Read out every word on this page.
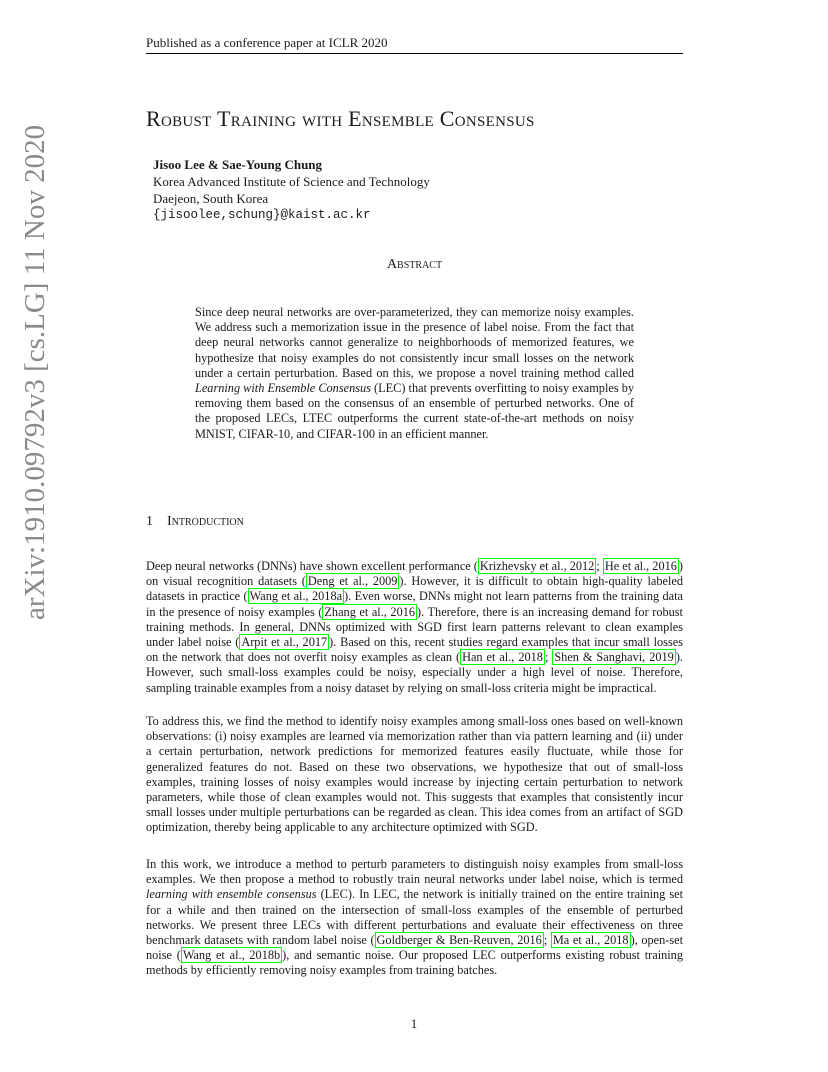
Published as a conference paper at ICLR 2020
Robust Training with Ensemble Consensus
Jisoo Lee & Sae-Young Chung
Korea Advanced Institute of Science and Technology
Daejeon, South Korea
{jisoolee,schung}@kaist.ac.kr
Abstract

Since deep neural networks are over-parameterized, they can memorize noisy examples. We address such a memorization issue in the presence of label noise. From the fact that deep neural networks cannot generalize to neighborhoods of memorized features, we hypothesize that noisy examples do not consistently incur small losses on the network under a certain perturbation. Based on this, we propose a novel training method called Learning with Ensemble Consensus (LEC) that prevents overfitting to noisy examples by removing them based on the consensus of an ensemble of perturbed networks. One of the proposed LECs, LTEC outperforms the current state-of-the-art methods on noisy MNIST, CIFAR-10, and CIFAR-100 in an efficient manner.

arXiv:1910.09792v3 [cs.LG] 11 Nov 2020	1 Introduction

Deep neural networks (DNNs) have shown excellent performance ( Krizhevsky et al., 2012 ; He et al., 2016 ) on visual recognition datasets ( Deng et al., 2009 ). However, it is difficult to obtain high-quality labeled datasets in practice ( Wang et al., 2018a ). Even worse, DNNs might not learn patterns from the training data in the presence of noisy examples ( Zhang et al., 2016 ). Therefore, there is an increasing demand for robust training methods. In general, DNNs optimized with SGD first learn patterns relevant to clean examples under label noise ( Arpit et al., 2017 ). Based on this, recent studies regard examples that incur small losses on the network that does not overfit noisy examples as clean ( Han et al., 2018 ; Shen & Sanghavi, 2019 ). However, such small-loss examples could be noisy, especially under a high level of noise. Therefore, sampling trainable examples from a noisy dataset by relying on small-loss criteria might be impractical.

To address this, we find the method to identify noisy examples among small-loss ones based on well-known observations: (i) noisy examples are learned via memorization rather than via pattern learning and (ii) under a certain perturbation, network predictions for memorized features easily fluctuate, while those for generalized features do not. Based on these two observations, we hypothesize that out of small-loss examples, training losses of noisy examples would increase by injecting certain perturbation to network parameters, while those of clean examples would not. This suggests that examples that consistently incur small losses under multiple perturbations can be regarded as clean. This idea comes from an artifact of SGD optimization, thereby being applicable to any architecture optimized with SGD.

In this work, we introduce a method to perturb parameters to distinguish noisy examples from small-loss examples. We then propose a method to robustly train neural networks under label noise, which is termed learning with ensemble consensus (LEC). In LEC, the network is initially trained on the entire training set for a while and then trained on the intersection of small-loss examples of the ensemble of perturbed networks. We present three LECs with different perturbations and evaluate their effectiveness on three benchmark datasets with random label noise ( Goldberger & Ben-Reuven, 2016 ; Ma et al., 2018 ), open-set noise ( Wang et al., 2018b ), and semantic noise. Our proposed LEC outperforms existing robust training methods by efficiently removing noisy examples from training batches.

1
